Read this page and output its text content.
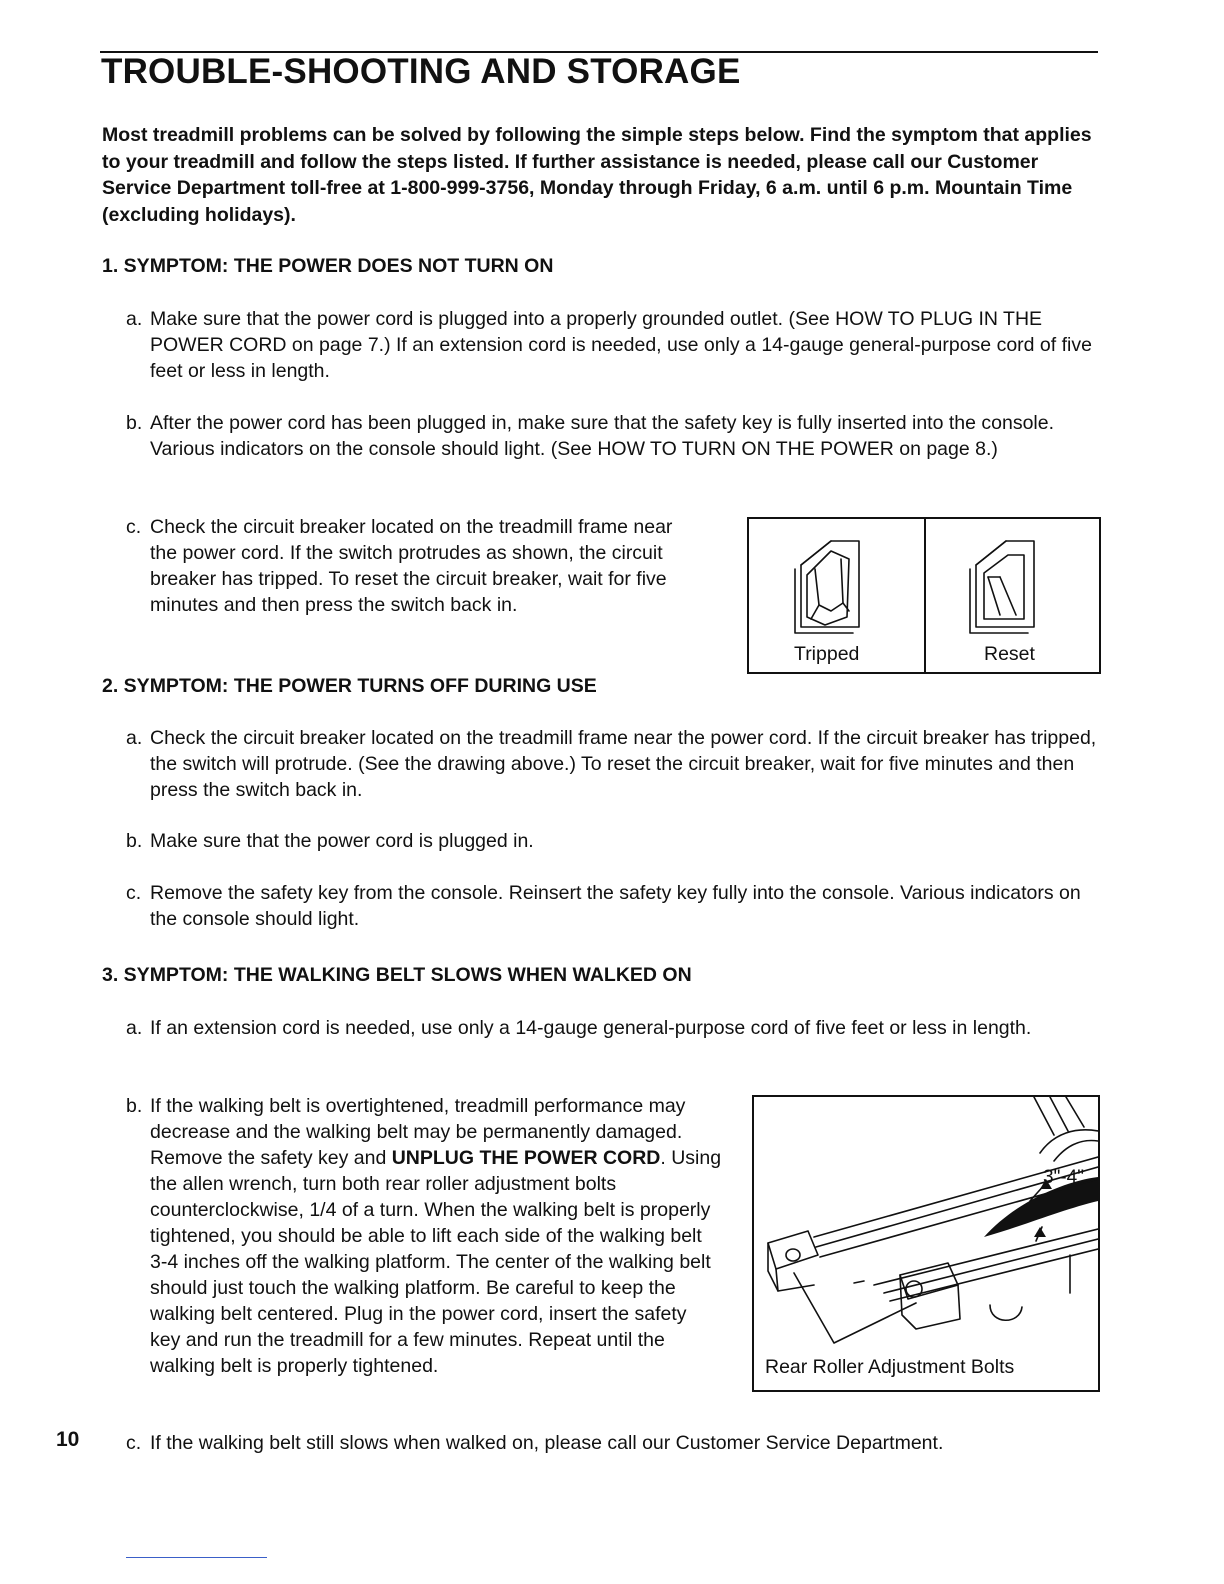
TROUBLE-SHOOTING AND STORAGE

Most treadmill problems can be solved by following the simple steps below. Find the symptom that applies to your treadmill and follow the steps listed. If further assistance is needed, please call our Customer Service Department toll-free at 1-800-999-3756, Monday through Friday, 6 a.m. until 6 p.m. Mountain Time (excluding holidays).

1. SYMPTOM: THE POWER DOES NOT TURN ON

a. Make sure that the power cord is plugged into a properly grounded outlet. (See HOW TO PLUG IN THE POWER CORD on page 7.) If an extension cord is needed, use only a 14-gauge general-purpose cord of five feet or less in length.
b. After the power cord has been plugged in, make sure that the safety key is fully inserted into the console. Various indicators on the console should light. (See HOW TO TURN ON THE POWER on page 8.)
c. Check the circuit breaker located on the treadmill frame near the power cord. If the switch protrudes as shown, the circuit breaker has tripped. To reset the circuit breaker, wait for five minutes and then press the switch back in.
Tripped	Reset

2. SYMPTOM: THE POWER TURNS OFF DURING USE

a. Check the circuit breaker located on the treadmill frame near the power cord. If the circuit breaker has tripped, the switch will protrude. (See the drawing above.) To reset the circuit breaker, wait for five minutes and then press the switch back in.
b. Make sure that the power cord is plugged in.
c. Remove the safety key from the console. Reinsert the safety key fully into the console. Various indicators on the console should light.

3. SYMPTOM: THE WALKING BELT SLOWS WHEN WALKED ON

a. If an extension cord is needed, use only a 14-gauge general-purpose cord of five feet or less in length.
b. If the walking belt is overtightened, treadmill performance may decrease and the walking belt may be permanently damaged. Remove the safety key and UNPLUG THE POWER CORD. Using the allen wrench, turn both rear roller adjustment bolts counterclockwise, 1/4 of a turn. When the walking belt is properly tightened, you should be able to lift each side of the walking belt 3-4 inches off the walking platform. The center of the walking belt should just touch the walking platform. Be careful to keep the walking belt centered. Plug in the power cord, insert the safety key and run the treadmill for a few minutes. Repeat until the walking belt is properly tightened.
3"-4"
Rear Roller Adjustment Bolts
c. If the walking belt still slows when walked on, please call our Customer Service Department.
10
